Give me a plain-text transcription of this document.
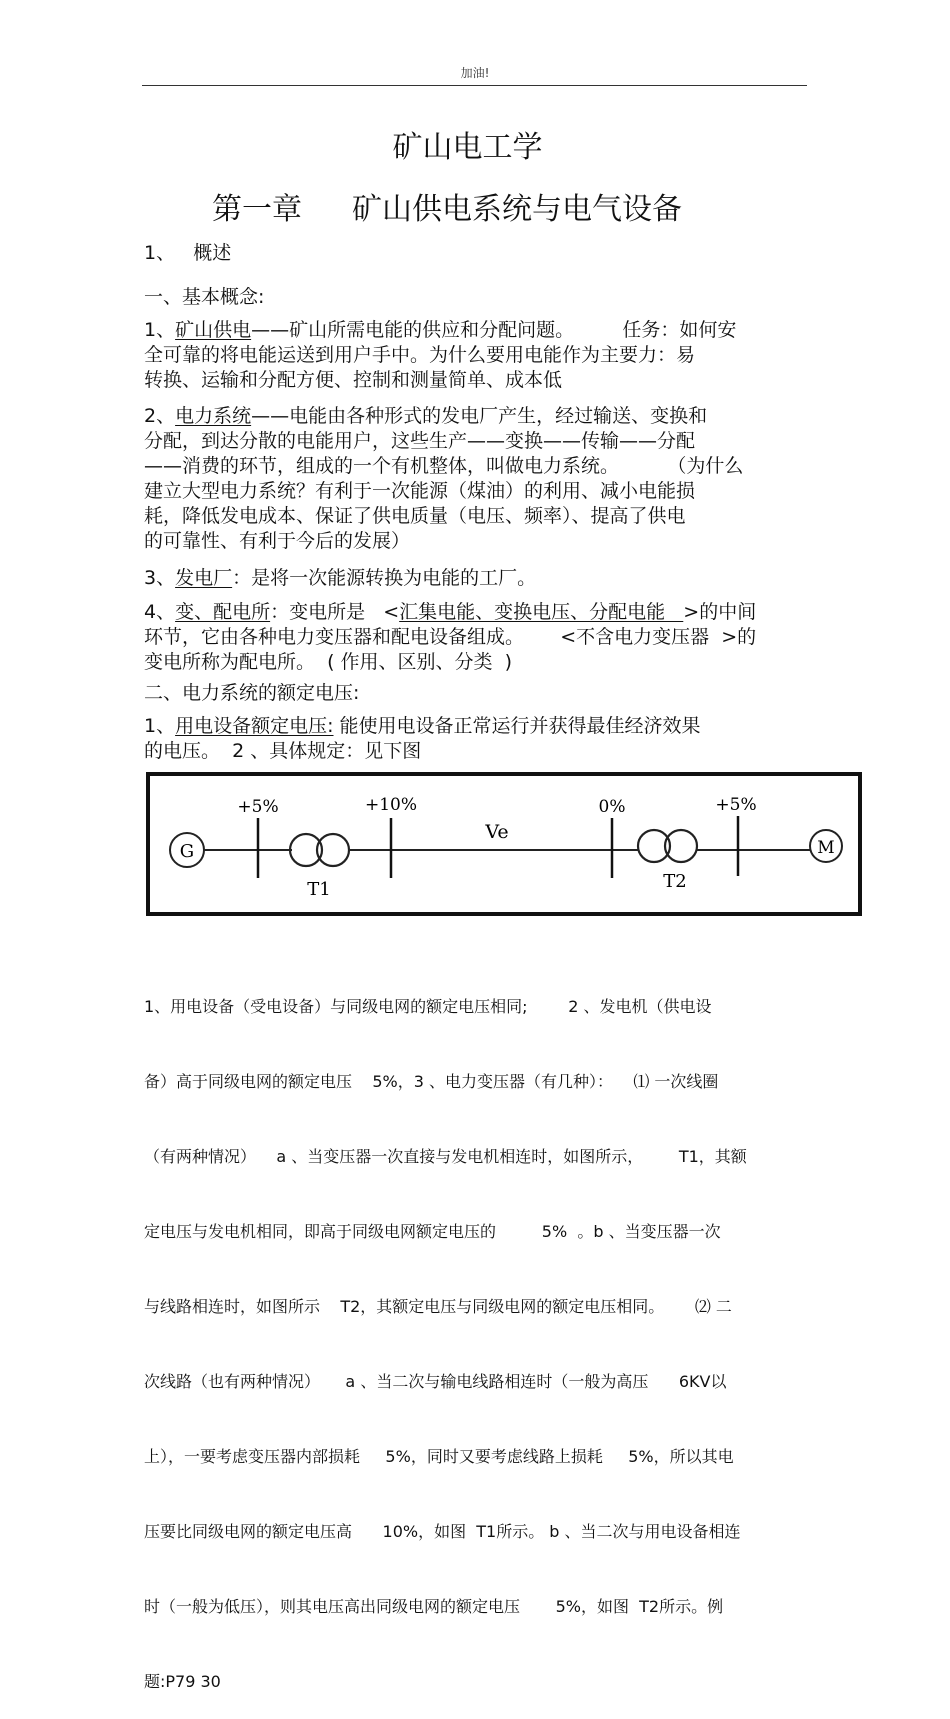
加油!
矿山电工学
第一章 矿山供电系统与电气设备
1、   概述
一、基本概念:
1、矿山供电——矿山所需电能的供应和分配问题。        任务：如何安
全可靠的将电能运送到用户手中。为什么要用电能作为主要力：易
转换、运输和分配方便、控制和测量简单、成本低
2、电力系统——电能由各种形式的发电厂产生，经过输送、变换和
分配，到达分散的电能用户，这些生产——变换——传输——分配
——消费的环节，组成的一个有机整体，叫做电力系统。        （为什么
建立大型电力系统？有利于一次能源（煤油）的利用、减小电能损
耗，降低发电成本、保证了供电质量（电压、频率）、提高了供电
的可靠性、有利于今后的发展）
3、发电厂：是将一次能源转换为电能的工厂。
4、变、配电所：变电所是   <汇集电能、变换电压、分配电能   >的中间
环节，它由各种电力变压器和配电设备组成。      <不含电力变压器  >的
变电所称为配电所。  ( 作用、区别、分类  )
二、电力系统的额定电压:
1、用电设备额定电压: 能使用电设备正常运行并获得最佳经济效果
的电压。  2 、具体规定：见下图
G	M
+5%	+10%	0%	+5%
Ve
T1	T2

1、用电设备（受电设备）与同级电网的额定电压相同;        2 、发电机（供电设

备）高于同级电网的额定电压    5%，3 、电力变压器（有几种）：    ⑴ 一次线圈

（有两种情况）    a 、当变压器一次直接与发电机相连时，如图所示，       T1，其额

定电压与发电机相同，即高于同级电网额定电压的         5%  。b 、当变压器一次

与线路相连时，如图所示    T2，其额定电压与同级电网的额定电压相同。      ⑵ 二

次线路（也有两种情况）     a 、当二次与输电线路相连时（一般为高压      6KV以

上），一要考虑变压器内部损耗     5%，同时又要考虑线路上损耗     5%，所以其电

压要比同级电网的额定电压高      10%，如图  T1所示。 b 、当二次与用电设备相连

时（一般为低压），则其电压高出同级电网的额定电压       5%，如图  T2所示。例

题:P79 30
